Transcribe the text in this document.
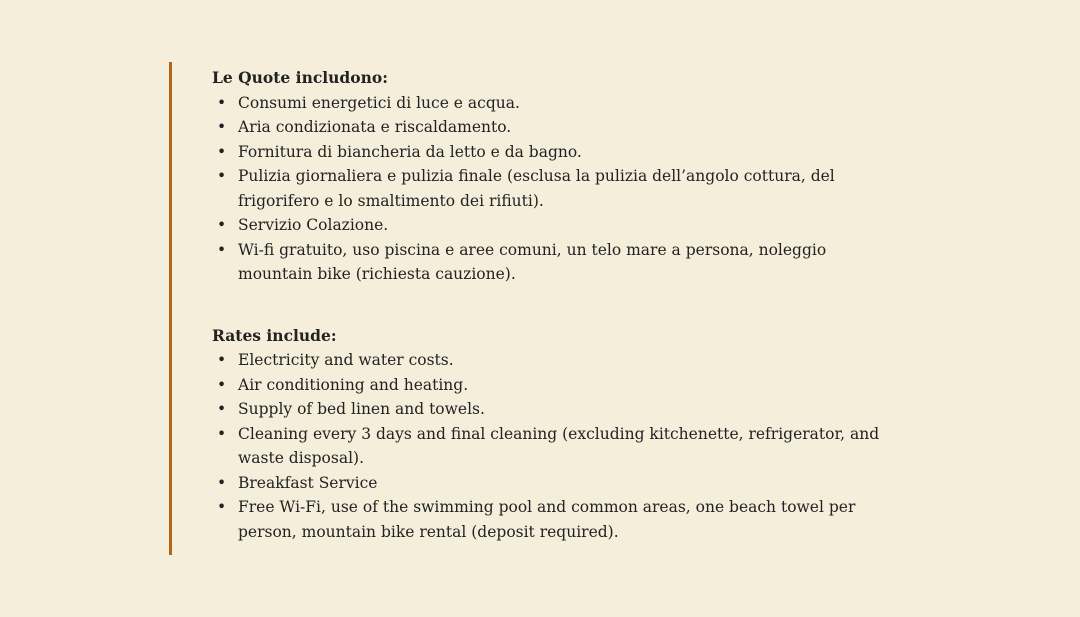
Le Quote includono:
• Consumi energetici di luce e acqua.
• Aria condizionata e riscaldamento.
• Fornitura di biancheria da letto e da bagno.
• Pulizia giornaliera e pulizia finale (esclusa la pulizia dell’angolo cottura, del frigorifero e lo smaltimento dei rifiuti).
• Servizio Colazione.
• Wi-fi gratuito, uso piscina e aree comuni, un telo mare a persona, noleggio mountain bike (richiesta cauzione).
Rates include:
• Electricity and water costs.
• Air conditioning and heating.
• Supply of bed linen and towels.
• Cleaning every 3 days and final cleaning (excluding kitchenette, refrigerator, and waste disposal).
• Breakfast Service
• Free Wi-Fi, use of the swimming pool and common areas, one beach towel per person, mountain bike rental (deposit required).
